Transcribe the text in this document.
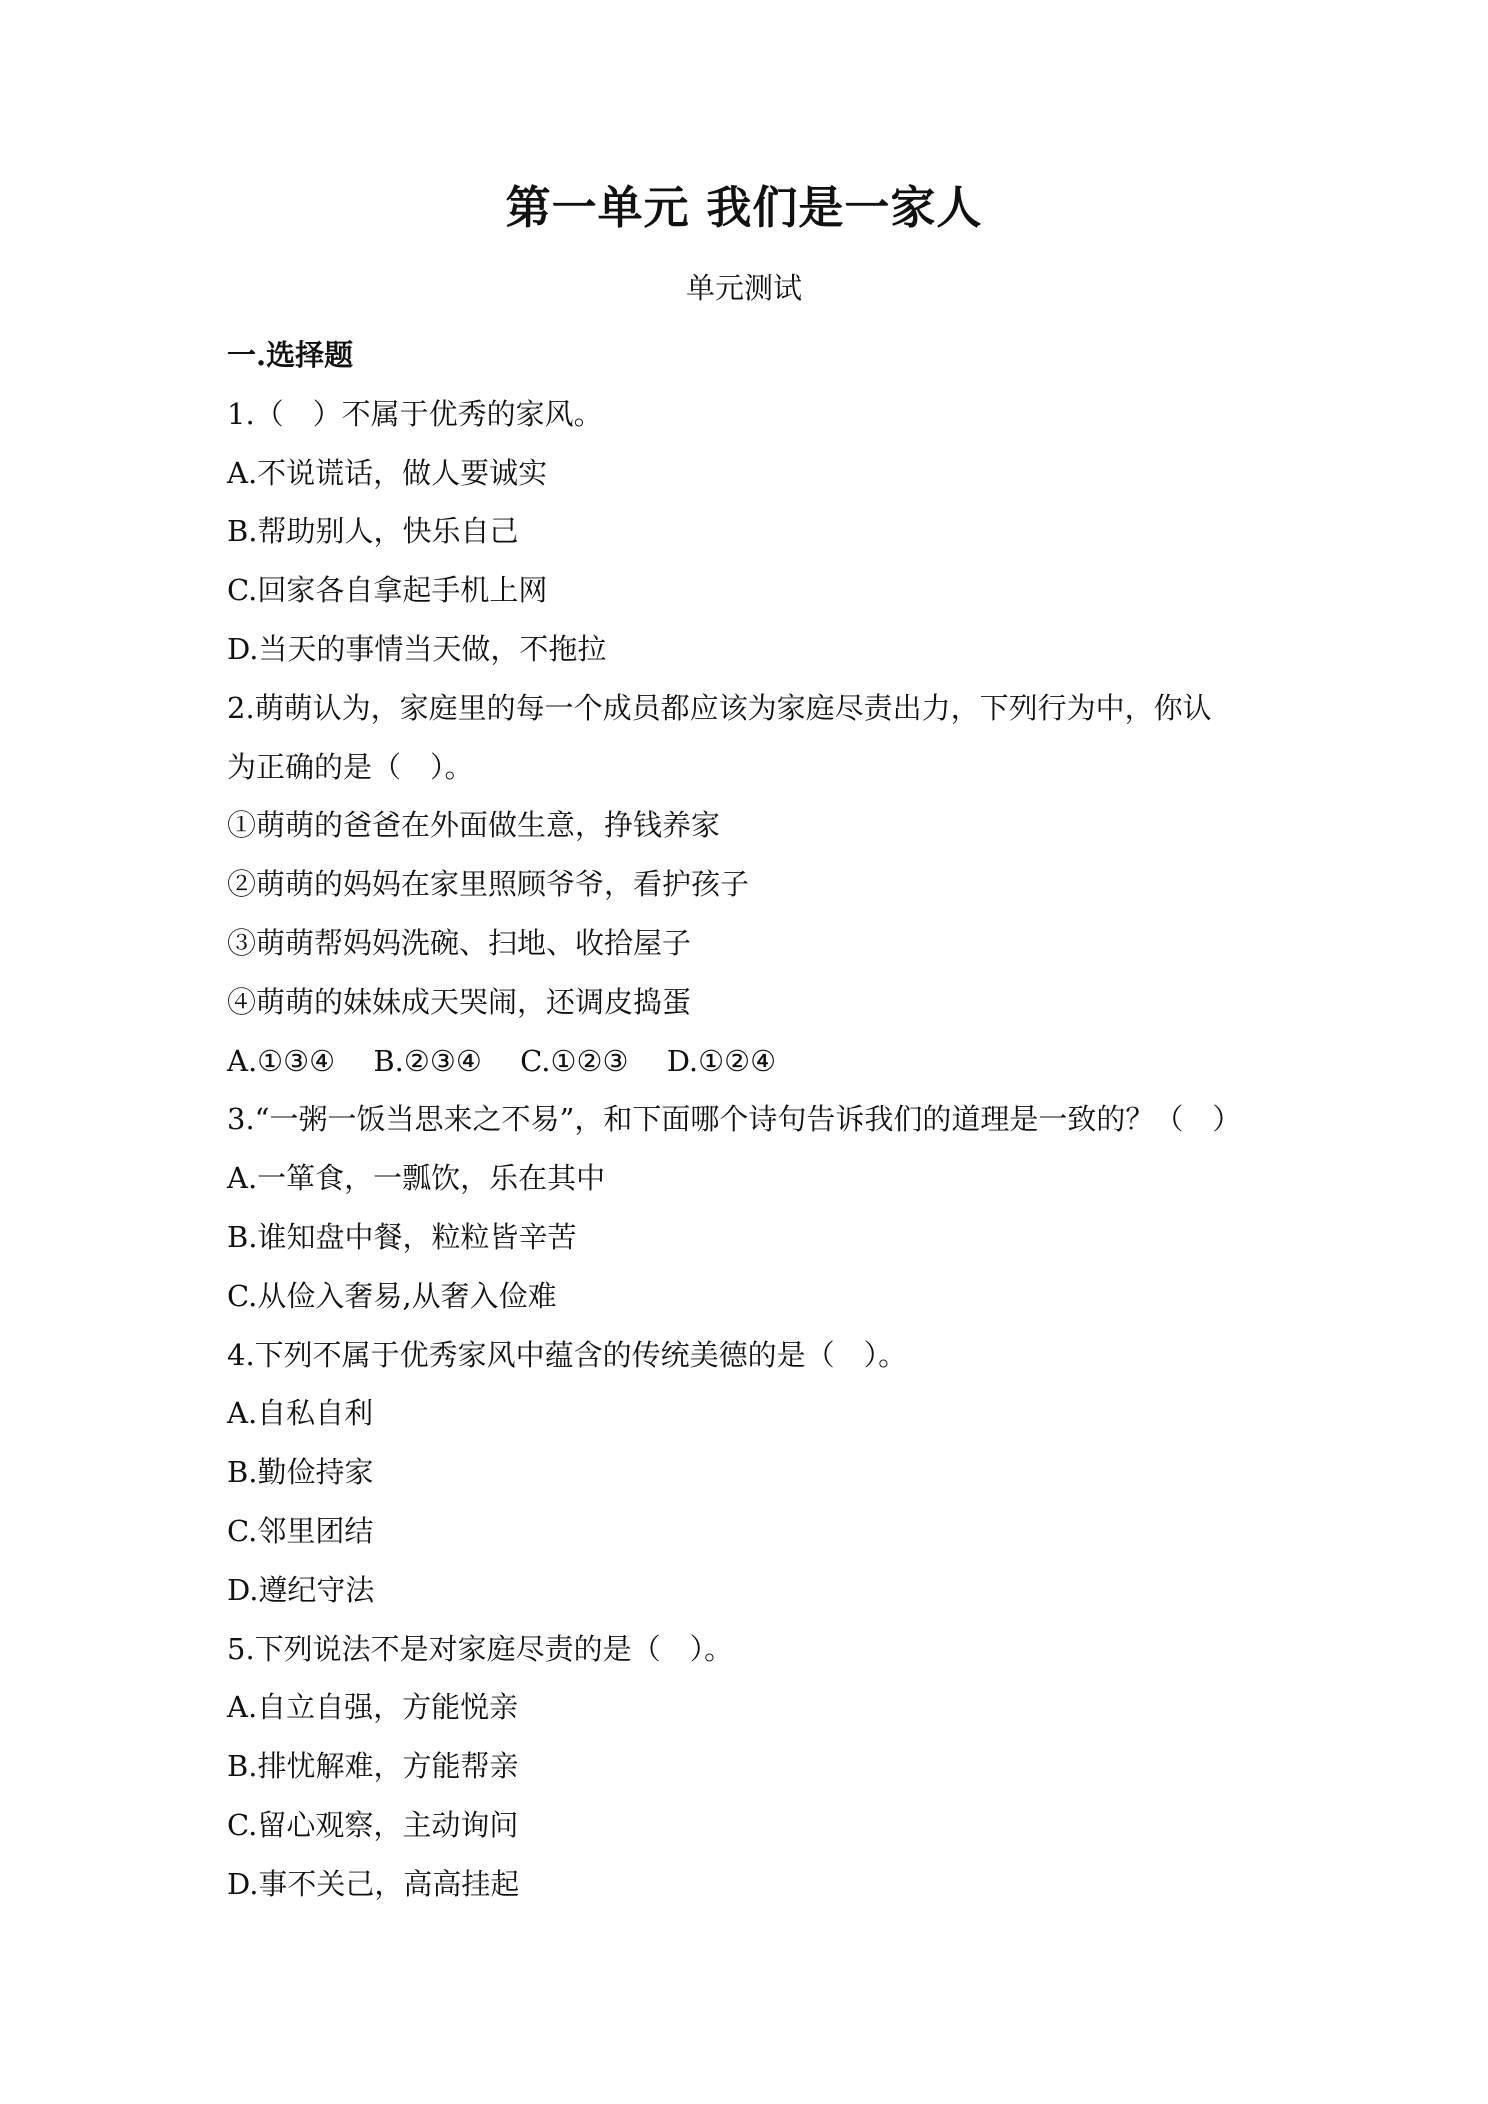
第一单元 我们是一家人
单元测试
一.选择题
1.（　）不属于优秀的家风。
A.不说谎话，做人要诚实
B.帮助别人，快乐自己
C.回家各自拿起手机上网
D.当天的事情当天做，不拖拉
2.萌萌认为，家庭里的每一个成员都应该为家庭尽责出力，下列行为中，你认
为正确的是（　）。
①萌萌的爸爸在外面做生意，挣钱养家
②萌萌的妈妈在家里照顾爷爷，看护孩子
③萌萌帮妈妈洗碗、扫地、收拾屋子
④萌萌的妹妹成天哭闹，还调皮捣蛋
A.①③④　 B.②③④　 C.①②③　 D.①②④
3.“一粥一饭当思来之不易”，和下面哪个诗句告诉我们的道理是一致的？（　）
A.一箪食，一瓢饮，乐在其中
B.谁知盘中餐，粒粒皆辛苦
C.从俭入奢易,从奢入俭难
4.下列不属于优秀家风中蕴含的传统美德的是（　）。
A.自私自利
B.勤俭持家
C.邻里团结
D.遵纪守法
5.下列说法不是对家庭尽责的是（　）。
A.自立自强，方能悦亲
B.排忧解难，方能帮亲
C.留心观察，主动询问
D.事不关己，高高挂起
